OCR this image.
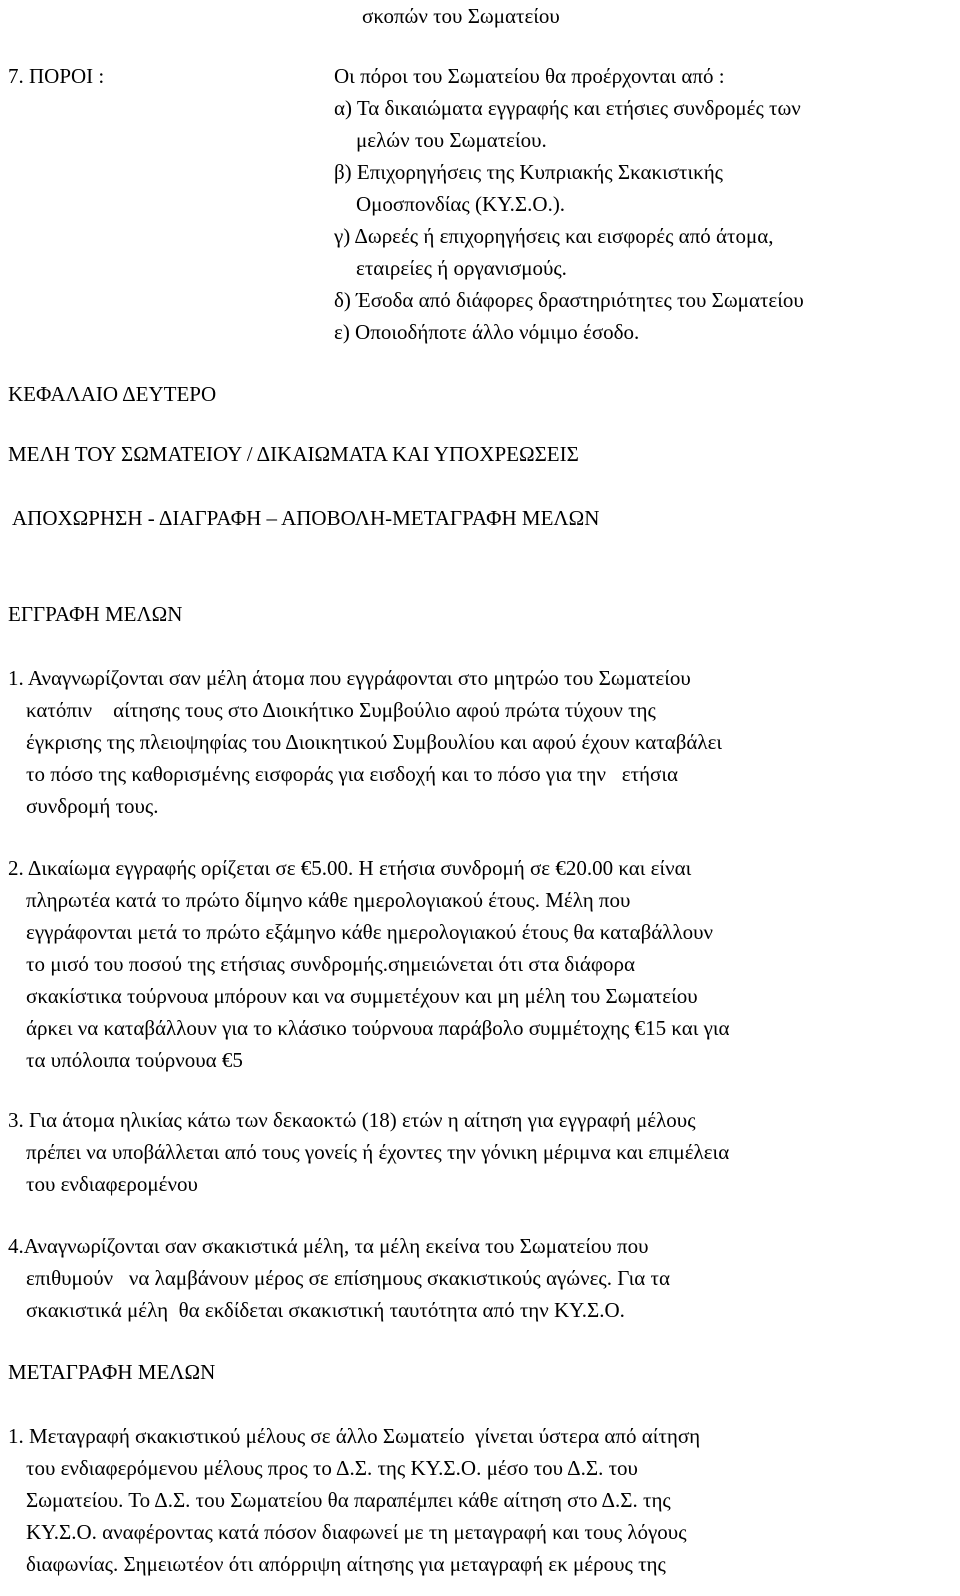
σκοπών του Σωματείου
7. ΠΟΡΟΙ :	Οι πόροι του Σωματείου θα προέρχονται από :
α) Τα δικαιώματα εγγραφής και ετήσιες συνδρομές των
μελών του Σωματείου.
β) Επιχορηγήσεις της Κυπριακής Σκακιστικής
Ομοσπονδίας (ΚΥ.Σ.Ο.).
γ) Δωρεές ή επιχορηγήσεις και εισφορές από άτομα,
εταιρείες ή οργανισμούς.
δ) Έσοδα από διάφορες δραστηριότητες του Σωματείου
ε) Οποιοδήποτε άλλο νόμιμο έσοδο.
ΚΕΦΑΛΑΙΟ ΔΕΥΤΕΡΟ
ΜΕΛΗ ΤΟΥ ΣΩΜΑΤΕΙΟΥ / ΔΙΚΑΙΩΜΑΤΑ ΚΑΙ ΥΠΟΧΡΕΩΣΕΙΣ
ΑΠΟΧΩΡΗΣΗ - ΔΙΑΓΡΑΦΗ – ΑΠΟΒΟΛΗ-ΜΕΤΑΓΡΑΦΗ ΜΕΛΩΝ
ΕΓΓΡΑΦΗ ΜΕΛΩΝ
1. Αναγνωρίζονται σαν μέλη άτομα που εγγράφονται στο μητρώο του Σωματείου
κατόπιν    αίτησης τους στο Διοικήτικο Συμβούλιο αφού πρώτα τύχουν της
έγκρισης της πλειοψηφίας του Διοικητικού Συμβουλίου και αφού έχουν καταβάλει
το πόσο της καθορισμένης εισφοράς για εισδοχή και το πόσο για την   ετήσια
συνδρομή τους.
2. Δικαίωμα εγγραφής ορίζεται σε €5.00. Η ετήσια συνδρομή σε €20.00 και είναι
πληρωτέα κατά το πρώτο δίμηνο κάθε ημερολογιακού έτους. Μέλη που
εγγράφονται μετά το πρώτο εξάμηνο κάθε ημερολογιακού έτους θα καταβάλλουν
το μισό του ποσού της ετήσιας συνδρομής.σημειώνεται ότι στα διάφορα
σκακίστικα τούρνουα μπόρουν και να συμμετέχουν και μη μέλη του Σωματείου
άρκει να καταβάλλουν για το κλάσικο τούρνουα παράβολο συμμέτοχης €15 και για
τα υπόλοιπα τούρνουα €5
3. Για άτομα ηλικίας κάτω των δεκαοκτώ (18) ετών η αίτηση για εγγραφή μέλους
πρέπει να υποβάλλεται από τους γονείς ή έχοντες την γόνικη μέριμνα και επιμέλεια
του ενδιαφερομένου
4.Αναγνωρίζονται σαν σκακιστικά μέλη, τα μέλη εκείνα του Σωματείου που
επιθυμούν   να λαμβάνουν μέρος σε επίσημους σκακιστικούς αγώνες. Για τα
σκακιστικά μέλη  θα εκδίδεται σκακιστική ταυτότητα από την ΚΥ.Σ.Ο.
ΜΕΤΑΓΡΑΦΗ ΜΕΛΩΝ
1. Μεταγραφή σκακιστικού μέλους σε άλλο Σωματείο  γίνεται ύστερα από αίτηση
του ενδιαφερόμενου μέλους προς το Δ.Σ. της ΚΥ.Σ.Ο. μέσο του Δ.Σ. του
Σωματείου. Το Δ.Σ. του Σωματείου θα παραπέμπει κάθε αίτηση στο Δ.Σ. της
ΚΥ.Σ.Ο. αναφέροντας κατά πόσον διαφωνεί με τη μεταγραφή και τους λόγους
διαφωνίας. Σημειωτέον ότι απόρριψη αίτησης για μεταγραφή εκ μέρους της
